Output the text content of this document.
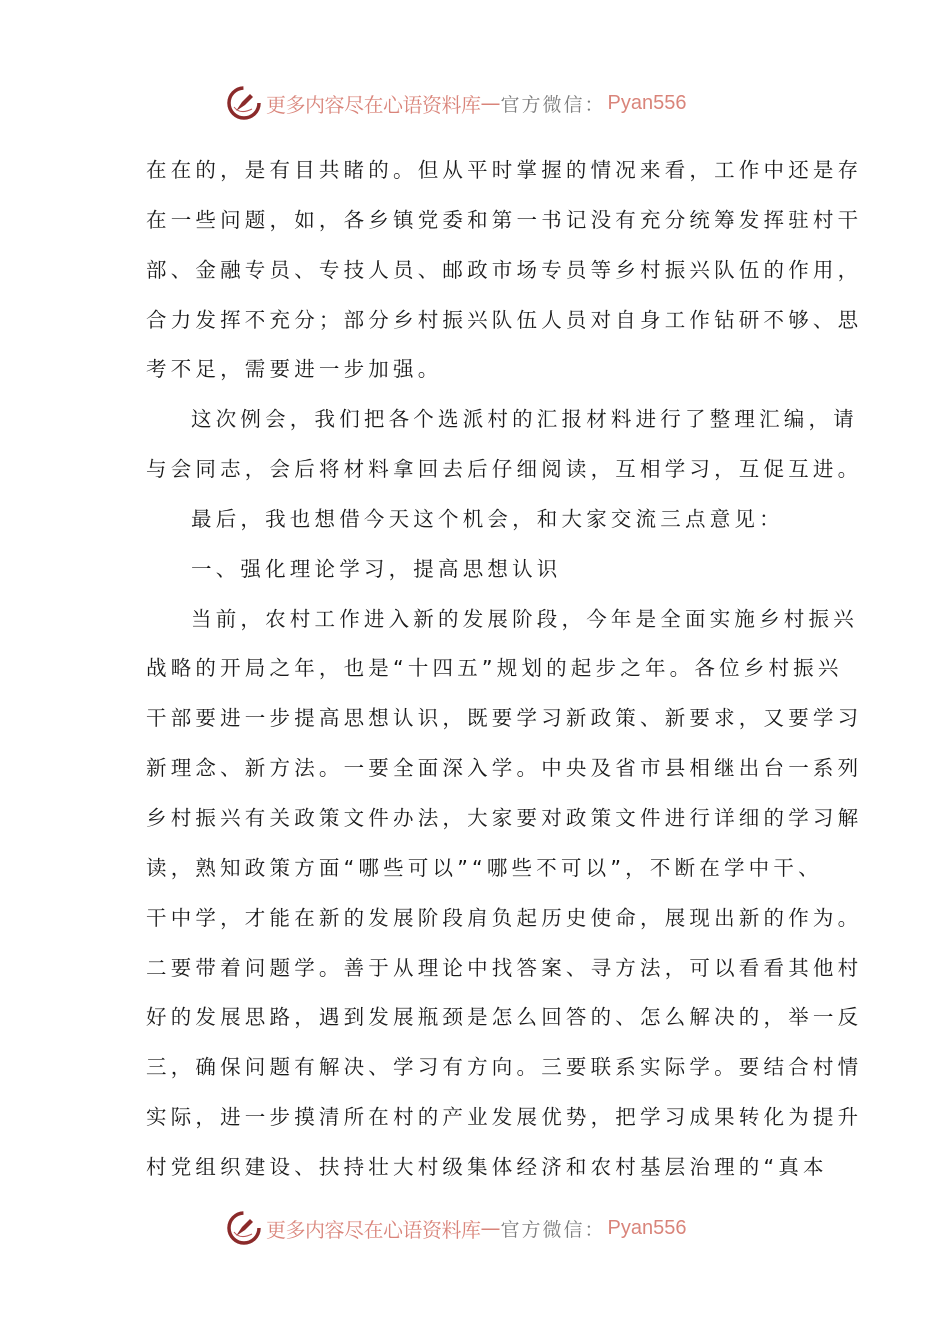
更多内容尽在心语资料库 — 官方微信： Pyan556
在在的，是有目共睹的。但从平时掌握的情况来看，工作中还是存
在一些问题，如，各乡镇党委和第一书记没有充分统筹发挥驻村干
部、金融专员、专技人员、邮政市场专员等乡村振兴队伍的作用，
合力发挥不充分；部分乡村振兴队伍人员对自身工作钻研不够、思
考不足，需要进一步加强。
这次例会，我们把各个选派村的汇报材料进行了整理汇编，请
与会同志，会后将材料拿回去后仔细阅读，互相学习，互促互进。
最后，我也想借今天这个机会，和大家交流三点意见：
一、强化理论学习，提高思想认识
当前，农村工作进入新的发展阶段，今年是全面实施乡村振兴
战略的开局之年，也是“十四五”规划的起步之年。各位乡村振兴
干部要进一步提高思想认识，既要学习新政策、新要求，又要学习
新理念、新方法。一要全面深入学。中央及省市县相继出台一系列
乡村振兴有关政策文件办法，大家要对政策文件进行详细的学习解
读，熟知政策方面“哪些可以”“哪些不可以”，不断在学中干、
干中学，才能在新的发展阶段肩负起历史使命，展现出新的作为。
二要带着问题学。善于从理论中找答案、寻方法，可以看看其他村
好的发展思路，遇到发展瓶颈是怎么回答的、怎么解决的，举一反
三，确保问题有解决、学习有方向。三要联系实际学。要结合村情
实际，进一步摸清所在村的产业发展优势，把学习成果转化为提升
村党组织建设、扶持壮大村级集体经济和农村基层治理的“真本
更多内容尽在心语资料库 — 官方微信： Pyan556
